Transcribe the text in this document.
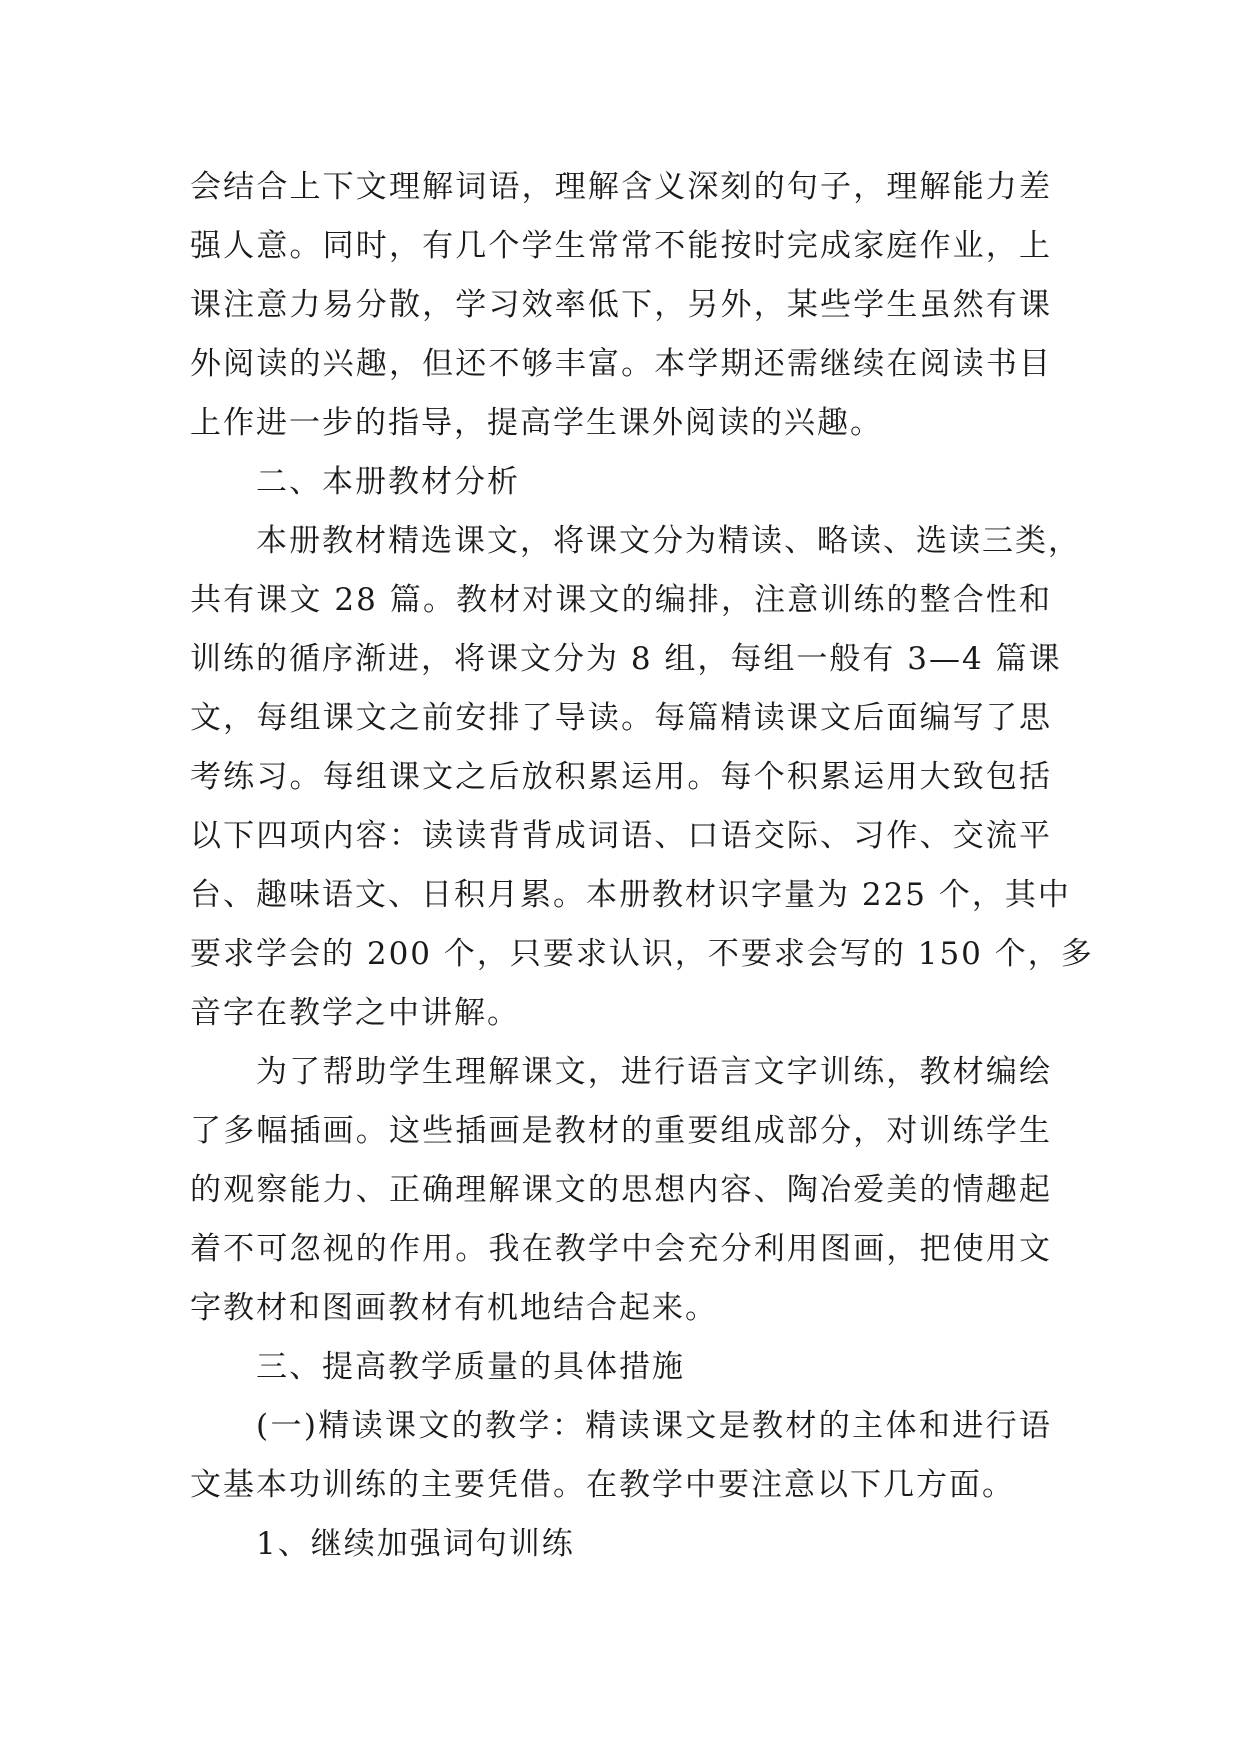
会结合上下文理解词语，理解含义深刻的句子，理解能力差
强人意。同时，有几个学生常常不能按时完成家庭作业，上
课注意力易分散，学习效率低下，另外，某些学生虽然有课
外阅读的兴趣，但还不够丰富。本学期还需继续在阅读书目
上作进一步的指导，提高学生课外阅读的兴趣。

二、本册教材分析

本册教材精选课文，将课文分为精读、略读、选读三类，
共有课文 28 篇。教材对课文的编排，注意训练的整合性和
训练的循序渐进，将课文分为 8 组，每组一般有 3—4 篇课
文，每组课文之前安排了导读。每篇精读课文后面编写了思
考练习。每组课文之后放积累运用。每个积累运用大致包括
以下四项内容：读读背背成词语、口语交际、习作、交流平
台、趣味语文、日积月累。本册教材识字量为 225 个，其中
要求学会的 200 个，只要求认识，不要求会写的 150 个，多
音字在教学之中讲解。

为了帮助学生理解课文，进行语言文字训练，教材编绘
了多幅插画。这些插画是教材的重要组成部分，对训练学生
的观察能力、正确理解课文的思想内容、陶冶爱美的情趣起
着不可忽视的作用。我在教学中会充分利用图画，把使用文
字教材和图画教材有机地结合起来。

三、提高教学质量的具体措施

(一)精读课文的教学：精读课文是教材的主体和进行语
文基本功训练的主要凭借。在教学中要注意以下几方面。

1、继续加强词句训练
